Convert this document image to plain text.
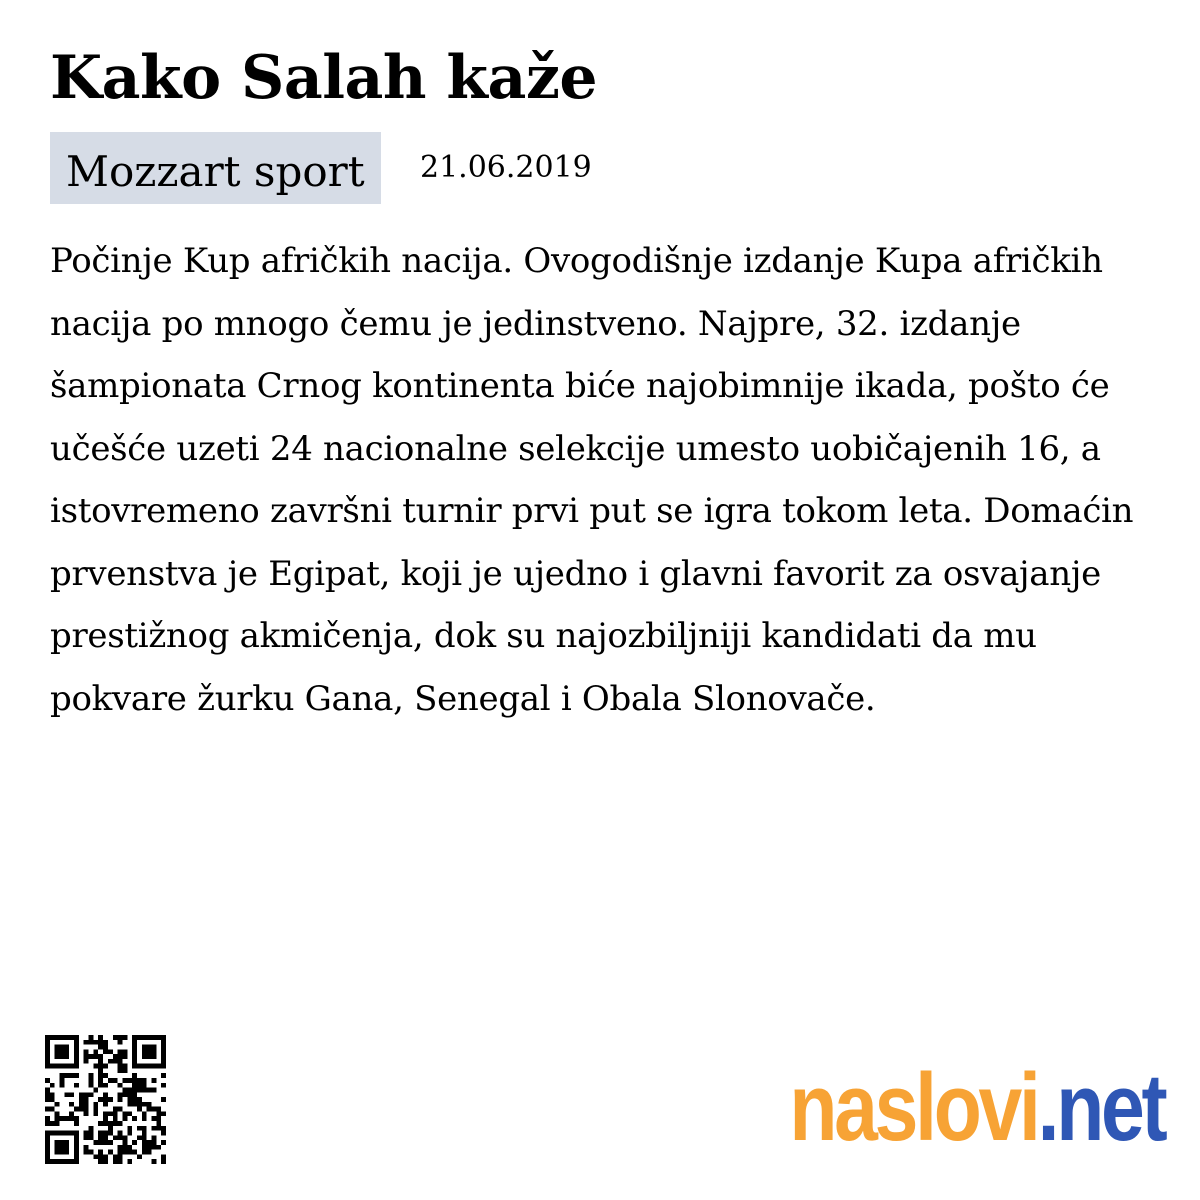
Kako Salah kaže
Mozzart sport	21.06.2019

Počinje Kup afričkih nacija. Ovogodišnje izdanje Kupa afričkih nacija po mnogo čemu je jedinstveno. Najpre, 32. izdanje šampionata Crnog kontinenta biće najobimnije ikada, pošto će učešće uzeti 24 nacionalne selekcije umesto uobičajenih 16, a istovremeno završni turnir prvi put se igra tokom leta. Domaćin prvenstva je Egipat, koji je ujedno i glavni favorit za osvajanje prestižnog akmičenja, dok su najozbiljniji kandidati da mu pokvare žurku Gana, Senegal i Obala Slonovače.

naslovi.net
